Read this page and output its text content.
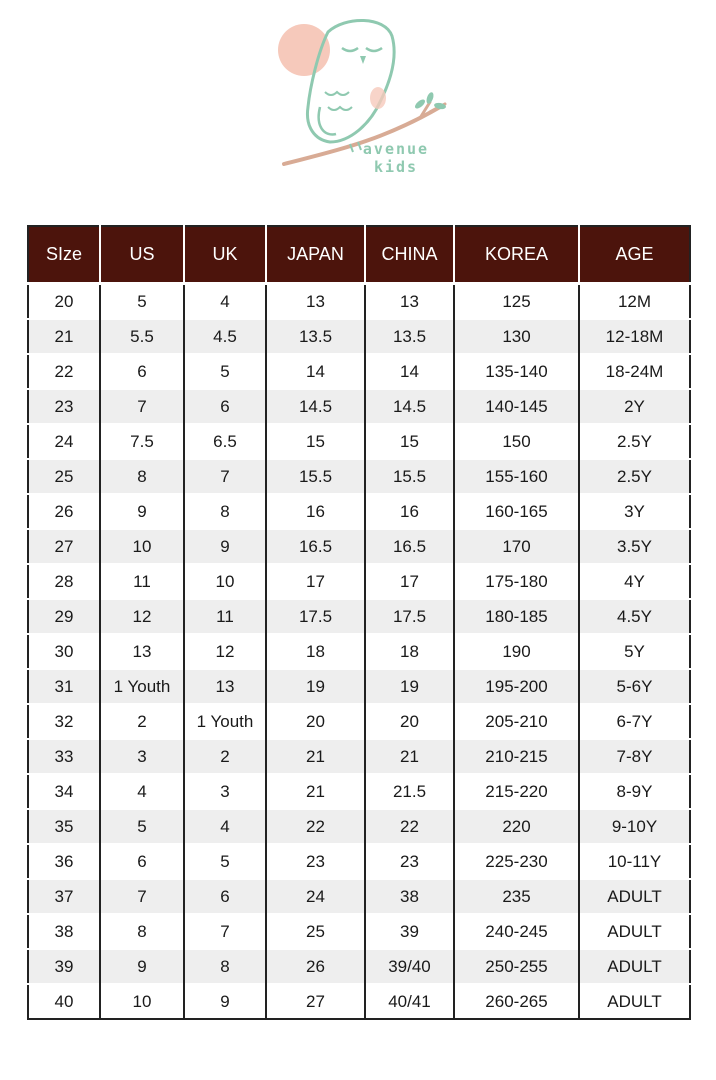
avenue
kids
SIze	US	UK	JAPAN	CHINA	KOREA	AGE
20	5	4	13	13	125	12M
21	5.5	4.5	13.5	13.5	130	12-18M
22	6	5	14	14	135-140	18-24M
23	7	6	14.5	14.5	140-145	2Y
24	7.5	6.5	15	15	150	2.5Y
25	8	7	15.5	15.5	155-160	2.5Y
26	9	8	16	16	160-165	3Y
27	10	9	16.5	16.5	170	3.5Y
28	11	10	17	17	175-180	4Y
29	12	11	17.5	17.5	180-185	4.5Y
30	13	12	18	18	190	5Y
31	1 Youth	13	19	19	195-200	5-6Y
32	2	1 Youth	20	20	205-210	6-7Y
33	3	2	21	21	210-215	7-8Y
34	4	3	21	21.5	215-220	8-9Y
35	5	4	22	22	220	9-10Y
36	6	5	23	23	225-230	10-11Y
37	7	6	24	38	235	ADULT
38	8	7	25	39	240-245	ADULT
39	9	8	26	39/40	250-255	ADULT
40	10	9	27	40/41	260-265	ADULT
